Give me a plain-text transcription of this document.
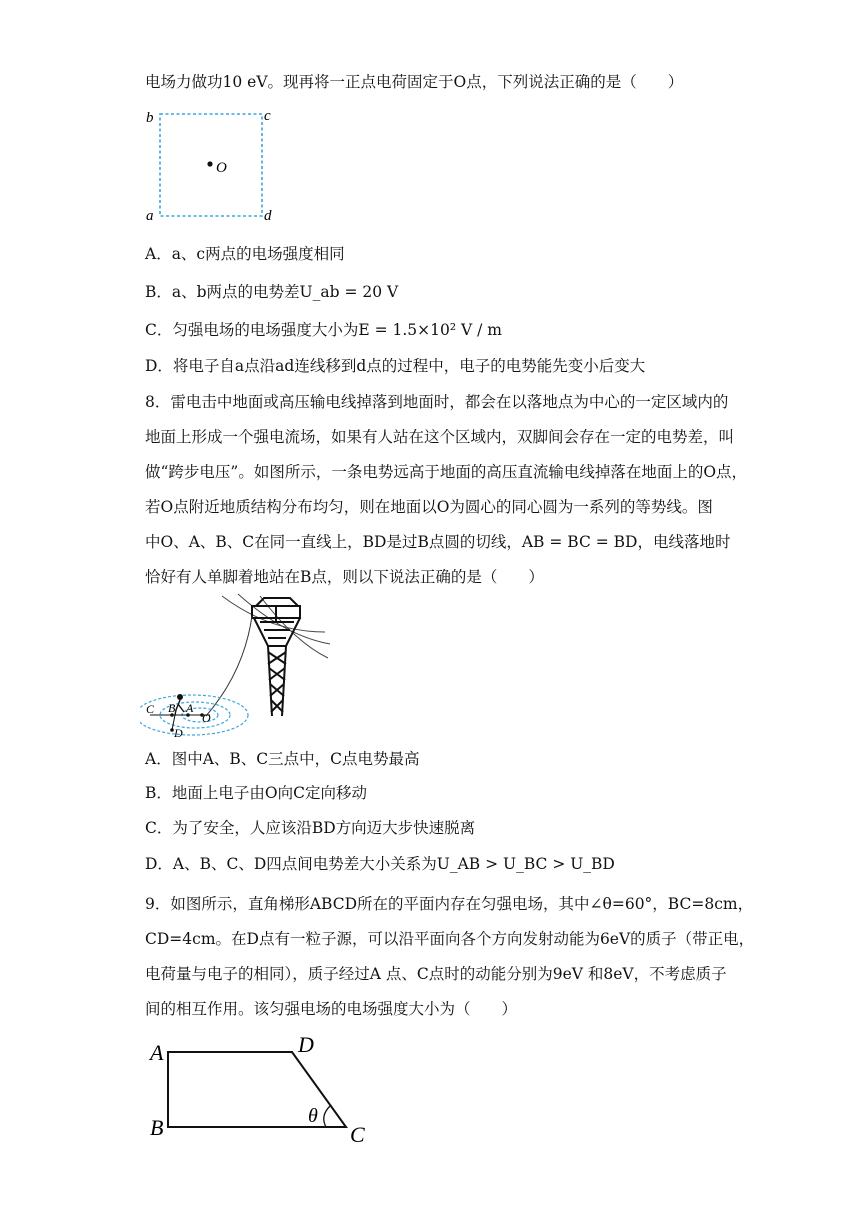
电场力做功10 eV。现再将一正点电荷固定于O点，下列说法正确的是（　　）
b	c
O
a	d
A．a、c两点的电场强度相同
B．a、b两点的电势差U_ab = 20 V
C．匀强电场的电场强度大小为E = 1.5×10² V / m
D．将电子自a点沿ad连线移到d点的过程中，电子的电势能先变小后变大
8．雷电击中地面或高压输电线掉落到地面时，都会在以落地点为中心的一定区域内的
地面上形成一个强电流场，如果有人站在这个区域内，双脚间会存在一定的电势差，叫
做“跨步电压”。如图所示，一条电势远高于地面的高压直流输电线掉落在地面上的O点，
若O点附近地质结构分布均匀，则在地面以O为圆心的同心圆为一系列的等势线。图
中O、A、B、C在同一直线上，BD是过B点圆的切线，AB = BC = BD，电线落地时
恰好有人单脚着地站在B点，则以下说法正确的是（　　）
C B A
O
D
A．图中A、B、C三点中，C点电势最高
B．地面上电子由O向C定向移动
C．为了安全，人应该沿BD方向迈大步快速脱离
D．A、B、C、D四点间电势差大小关系为U_AB > U_BC > U_BD
9．如图所示，直角梯形ABCD所在的平面内存在匀强电场，其中∠θ=60°，BC=8cm，
CD=4cm。在D点有一粒子源，可以沿平面向各个方向发射动能为6eV的质子（带正电，
电荷量与电子的相同），质子经过A 点、C点时的动能分别为9eV 和8eV，不考虑质子
间的相互作用。该匀强电场的电场强度大小为（　　）
A	D
B	C
θ
